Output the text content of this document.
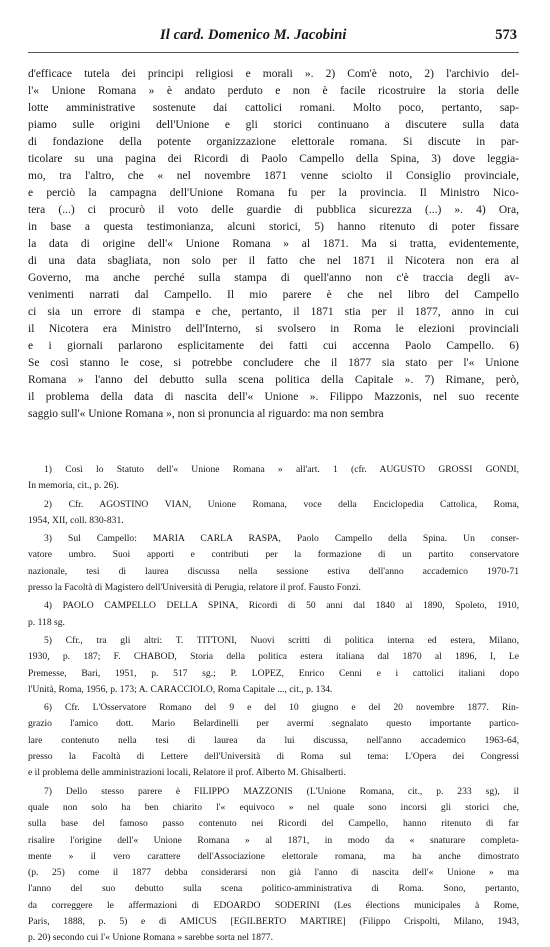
Il card. Domenico M. Jacobini	573
d'efficace tutela dei principi religiosi e morali ». 2) Com'è noto, 2) l'archivio del-
l'« Unione Romana » è andato perduto e non è facile ricostruire la storia delle
lotte amministrative sostenute dai cattolici romani. Molto poco, pertanto, sap-
piamo sulle origini dell'Unione e gli storici continuano a discutere sulla data
di fondazione della potente organizzazione elettorale romana. Si discute in par-
ticolare su una pagina dei Ricordi di Paolo Campello della Spina, 3) dove leggia-
mo, tra l'altro, che « nel novembre 1871 venne sciolto il Consiglio provinciale,
e perciò la campagna dell'Unione Romana fu per la provincia. Il Ministro Nico-
tera (...) ci procurò il voto delle guardie di pubblica sicurezza (...) ». 4) Ora,
in base a questa testimonianza, alcuni storici, 5) hanno ritenuto di poter fissare
la data di origine dell'« Unione Romana » al 1871. Ma si tratta, evidentemente,
di una data sbagliata, non solo per il fatto che nel 1871 il Nicotera non era al
Governo, ma anche perché sulla stampa di quell'anno non c'è traccia degli av-
venimenti narrati dal Campello. Il mio parere è che nel libro del Campello
ci sia un errore di stampa e che, pertanto, il 1871 stia per il 1877, anno in cui
il Nicotera era Ministro dell'Interno, si svolsero in Roma le elezioni provinciali
e i giornali parlarono esplicitamente dei fatti cui accenna Paolo Campello. 6)
Se così stanno le cose, si potrebbe concludere che il 1877 sia stato per l'« Unione
Romana » l'anno del debutto sulla scena politica della Capitale ». 7) Rimane, però,
il problema della data di nascita dell'« Unione ». Filippo Mazzonis, nel suo recente
saggio sull'« Unione Romana », non si pronuncia al riguardo: ma non sembra
1) Così lo Statuto dell'« Unione Romana » all'art. 1 (cfr. AUGUSTO GROSSI GONDI,
In memoria, cit., p. 26).
2) Cfr. AGOSTINO VIAN, Unione Romana, voce della Enciclopedia Cattolica, Roma,
1954, XII, coll. 830-831.
3) Sul Campello: MARIA CARLA RASPA, Paolo Campello della Spina. Un conser-
vatore umbro. Suoi apporti e contributi per la formazione di un partito conservatore
nazionale, tesi di laurea discussa nella sessione estiva dell'anno accademico 1970-71
presso la Facoltà di Magistero dell'Università di Perugia, relatore il prof. Fausto Fonzi.
4) PAOLO CAMPELLO DELLA SPINA, Ricordi di 50 anni dal 1840 al 1890, Spoleto, 1910,
p. 118 sg.
5) Cfr., tra gli altri: T. TITTONI, Nuovi scritti di politica interna ed estera, Milano,
1930, p. 187; F. CHABOD, Storia della politica estera italiana dal 1870 al 1896, I, Le
Premesse, Bari, 1951, p. 517 sg.; P. LOPEZ, Enrico Cenni e i cattolici italiani dopo
l'Unità, Roma, 1956, p. 173; A. CARACCIOLO, Roma Capitale ..., cit., p. 134.
6) Cfr. L'Osservatore Romano del 9 e del 10 giugno e del 20 novembre 1877. Rin-
grazio l'amico dott. Mario Belardinelli per avermi segnalato questo importante partico-
lare contenuto nella tesi di laurea da lui discussa, nell'anno accademico 1963-64,
presso la Facoltà di Lettere dell'Università di Roma sul tema: L'Opera dei Congressi
e il problema delle amministrazioni locali, Relatore il prof. Alberto M. Ghisalberti.
7) Dello stesso parere è FILIPPO MAZZONIS (L'Unione Romana, cit., p. 233 sg), il
quale non solo ha ben chiarito l'« equivoco » nel quale sono incorsi gli storici che,
sulla base del famoso passo contenuto nei Ricordi del Campello, hanno ritenuto di far
risalire l'origine dell'« Unione Romana » al 1871, in modo da « snaturare completa-
mente » il vero carattere dell'Associazione elettorale romana, ma ha anche dimostrato
(p. 25) come il 1877 debba considerarsi non già l'anno di nascita dell'« Unione » ma
l'anno del suo debutto sulla scena politico-amministrativa di Roma. Sono, pertanto,
da correggere le affermazioni di EDOARDO SODERINI (Les élections municipales à Rome,
Paris, 1888, p. 5) e di AMICUS [EGILBERTO MARTIRE] (Filippo Crispolti, Milano, 1943,
p. 20) secondo cui l'« Unione Romana » sarebbe sorta nel 1877.
